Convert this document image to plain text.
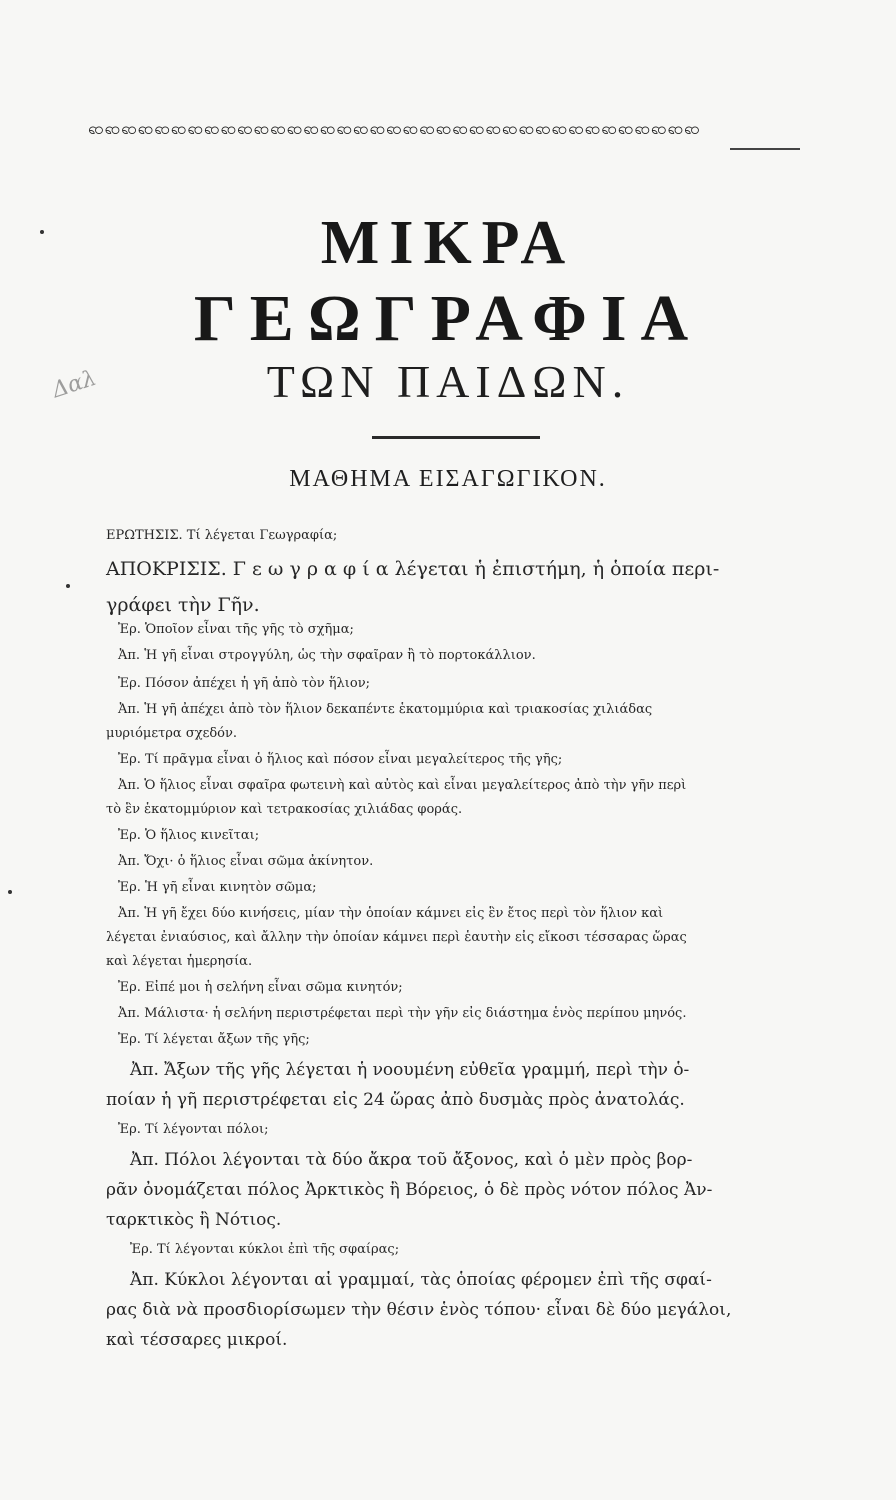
ၹၹၹၹၹၹၹၹၹၹၹၹၹၹၹၹၹၹၹၹၹၹၹၹၹၹၹၹၹၹၹၹၹၹၹၹၹ
ΜΙΚΡΑ
ΓΕΩΓΡΑΦΙΑ
ΤΩΝ ΠΑΙΔΩΝ.
Δαλ
ΜΑΘΗΜΑ ΕΙΣΑΓΩΓΙΚΟΝ.
ΕΡΩΤΗΣΙΣ. Τί λέγεται Γεωγραφία;
ΑΠΟΚΡΙΣΙΣ. Γ ε ω γ ρ α φ ί α λέγεται ἡ ἐπιστήμη, ἡ ὁποία περι-
γράφει τὴν Γῆν.
Ἐρ. Ὁποῖον εἶναι τῆς γῆς τὸ σχῆμα;
Ἀπ. Ἡ γῆ εἶναι στρογγύλη, ὡς τὴν σφαῖραν ἢ τὸ πορτοκάλλιον.
Ἐρ. Πόσον ἀπέχει ἡ γῆ ἀπὸ τὸν ἥλιον;
Ἀπ. Ἡ γῆ ἀπέχει ἀπὸ τὸν ἥλιον δεκαπέντε ἑκατομμύρια καὶ τριακοσίας χιλιάδας
μυριόμετρα σχεδόν.
Ἐρ. Τί πρᾶγμα εἶναι ὁ ἥλιος καὶ πόσον εἶναι μεγαλείτερος τῆς γῆς;
Ἀπ. Ὁ ἥλιος εἶναι σφαῖρα φωτεινὴ καὶ αὐτὸς καὶ εἶναι μεγαλείτερος ἀπὸ τὴν γῆν περὶ
τὸ ἓν ἑκατομμύριον καὶ τετρακοσίας χιλιάδας φοράς.
Ἐρ. Ὁ ἥλιος κινεῖται;
Ἀπ. Ὄχι· ὁ ἥλιος εἶναι σῶμα ἀκίνητον.
Ἐρ. Ἡ γῆ εἶναι κινητὸν σῶμα;
Ἀπ. Ἡ γῆ ἔχει δύο κινήσεις, μίαν τὴν ὁποίαν κάμνει εἰς ἓν ἔτος περὶ τὸν ἥλιον καὶ
λέγεται ἐνιαύσιος, καὶ ἄλλην τὴν ὁποίαν κάμνει περὶ ἑαυτὴν εἰς εἴκοσι τέσσαρας ὥρας
καὶ λέγεται ἡμερησία.
Ἐρ. Εἰπέ μοι ἡ σελήνη εἶναι σῶμα κινητόν;
Ἀπ. Μάλιστα· ἡ σελήνη περιστρέφεται περὶ τὴν γῆν εἰς διάστημα ἑνὸς περίπου μηνός.
Ἐρ. Τί λέγεται ἄξων τῆς γῆς;
Ἀπ. Ἄξων τῆς γῆς λέγεται ἡ νοουμένη εὐθεῖα γραμμή, περὶ τὴν ὁ-
ποίαν ἡ γῆ περιστρέφεται εἰς 24 ὥρας ἀπὸ δυσμὰς πρὸς ἀνατολάς.
Ἐρ. Τί λέγονται πόλοι;
Ἀπ. Πόλοι λέγονται τὰ δύο ἄκρα τοῦ ἄξονος, καὶ ὁ μὲν πρὸς βορ-
ρᾶν ὀνομάζεται πόλος Ἀρκτικὸς ἢ Βόρειος, ὁ δὲ πρὸς νότον πόλος Ἀν-
ταρκτικὸς ἢ Νότιος.
Ἐρ. Τί λέγονται κύκλοι ἐπὶ τῆς σφαίρας;
Ἀπ. Κύκλοι λέγονται αἱ γραμμαί, τὰς ὁποίας φέρομεν ἐπὶ τῆς σφαί-
ρας διὰ νὰ προσδιορίσωμεν τὴν θέσιν ἑνὸς τόπου· εἶναι δὲ δύο μεγάλοι,
καὶ τέσσαρες μικροί.
